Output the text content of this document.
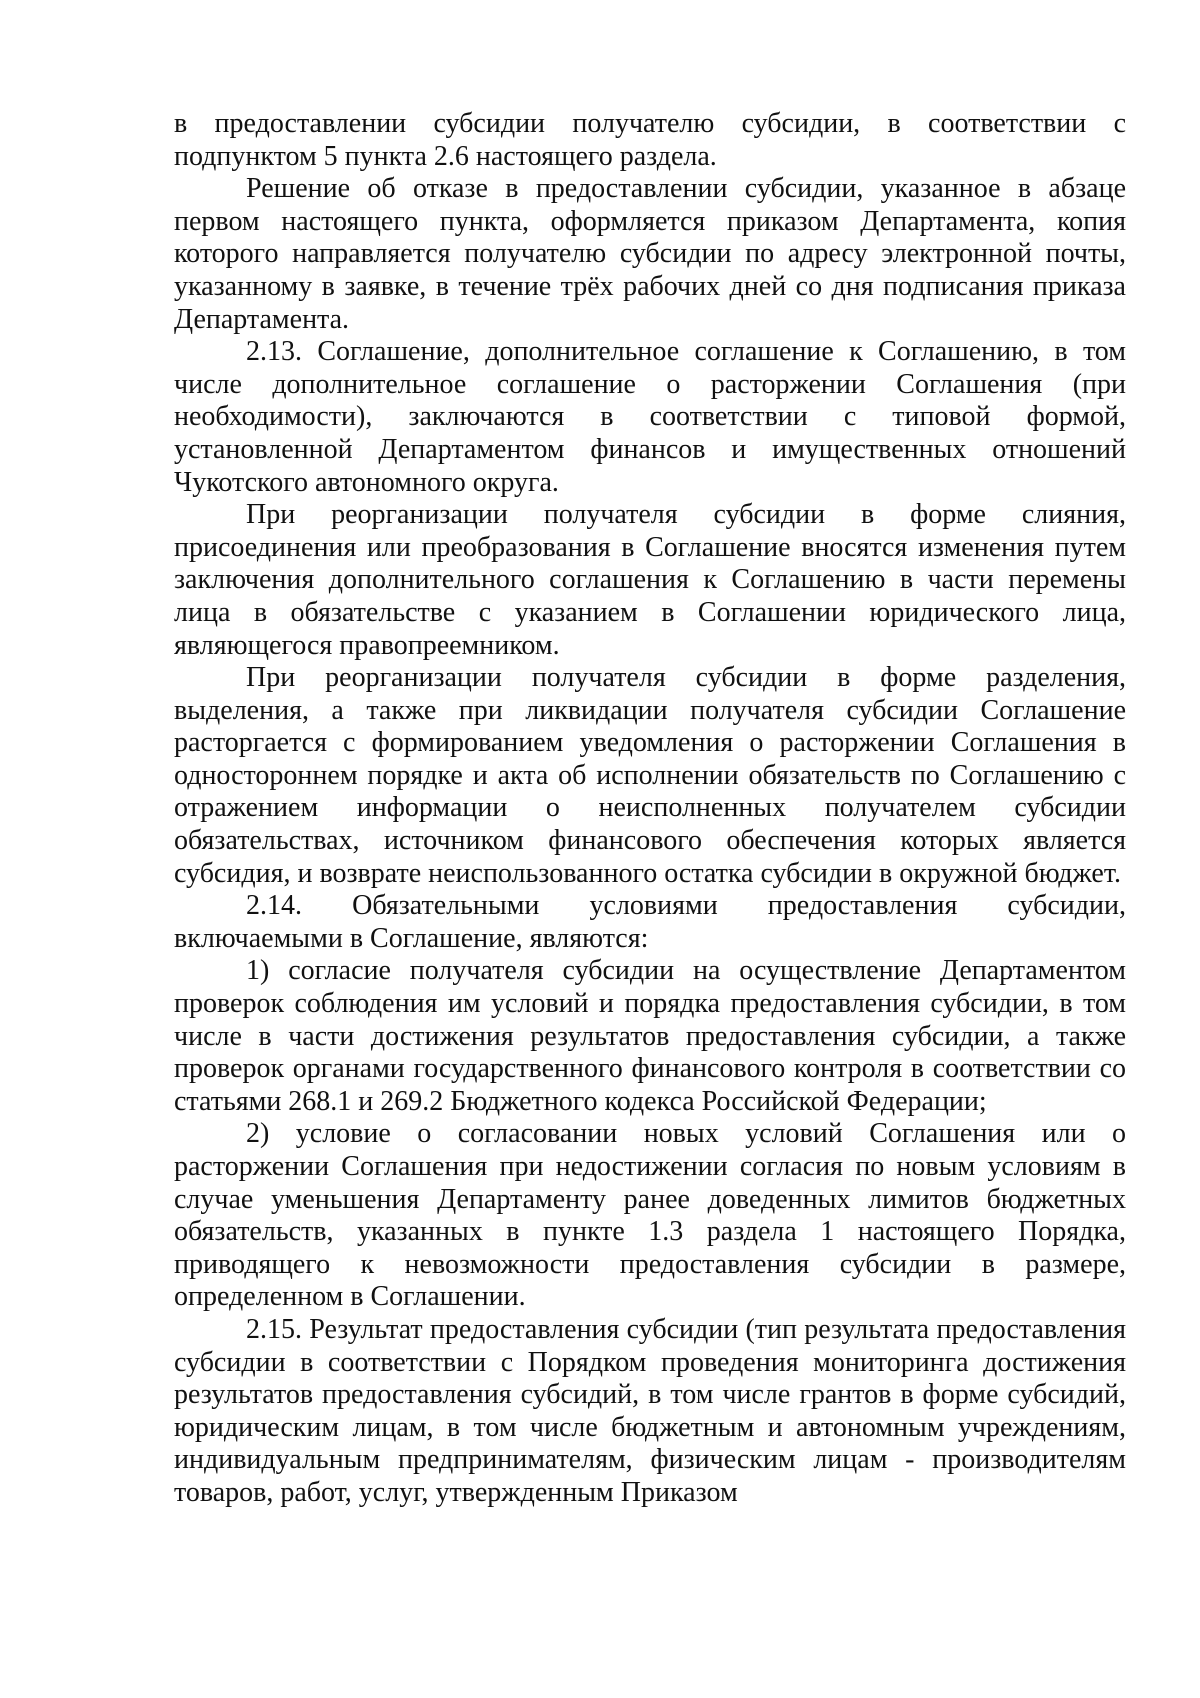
в предоставлении субсидии получателю субсидии, в соответствии с подпунктом 5 пункта 2.6 настоящего раздела.

Решение об отказе в предоставлении субсидии, указанное в абзаце первом настоящего пункта, оформляется приказом Департамента, копия которого направляется получателю субсидии по адресу электронной почты, указанному в заявке, в течение трёх рабочих дней со дня подписания приказа Департамента.

2.13. Соглашение, дополнительное соглашение к Соглашению, в том числе дополнительное соглашение о расторжении Соглашения (при необходимости), заключаются в соответствии с типовой формой, установленной Департаментом финансов и имущественных отношений Чукотского автономного округа.

При реорганизации получателя субсидии в форме слияния, присоединения или преобразования в Соглашение вносятся изменения путем заключения дополнительного соглашения к Соглашению в части перемены лица в обязательстве с указанием в Соглашении юридического лица, являющегося правопреемником.

При реорганизации получателя субсидии в форме разделения, выделения, а также при ликвидации получателя субсидии Соглашение расторгается с формированием уведомления о расторжении Соглашения в одностороннем порядке и акта об исполнении обязательств по Соглашению с отражением информации о неисполненных получателем субсидии обязательствах, источником финансового обеспечения которых является субсидия, и возврате неиспользованного остатка субсидии в окружной бюджет.

2.14. Обязательными условиями предоставления субсидии, включаемыми в Соглашение, являются:

1) согласие получателя субсидии на осуществление Департаментом проверок соблюдения им условий и порядка предоставления субсидии, в том числе в части достижения результатов предоставления субсидии, а также проверок органами государственного финансового контроля в соответствии со статьями 268.1 и 269.2 Бюджетного кодекса Российской Федерации;

2) условие о согласовании новых условий Соглашения или о расторжении Соглашения при недостижении согласия по новым условиям в случае уменьшения Департаменту ранее доведенных лимитов бюджетных обязательств, указанных в пункте 1.3 раздела 1 настоящего Порядка, приводящего к невозможности предоставления субсидии в размере, определенном в Соглашении.

2.15. Результат предоставления субсидии (тип результата предоставления субсидии в соответствии с Порядком проведения мониторинга достижения результатов предоставления субсидий, в том числе грантов в форме субсидий, юридическим лицам, в том числе бюджетным и автономным учреждениям, индивидуальным предпринимателям, физическим лицам - производителям товаров, работ, услуг, утвержденным Приказом
